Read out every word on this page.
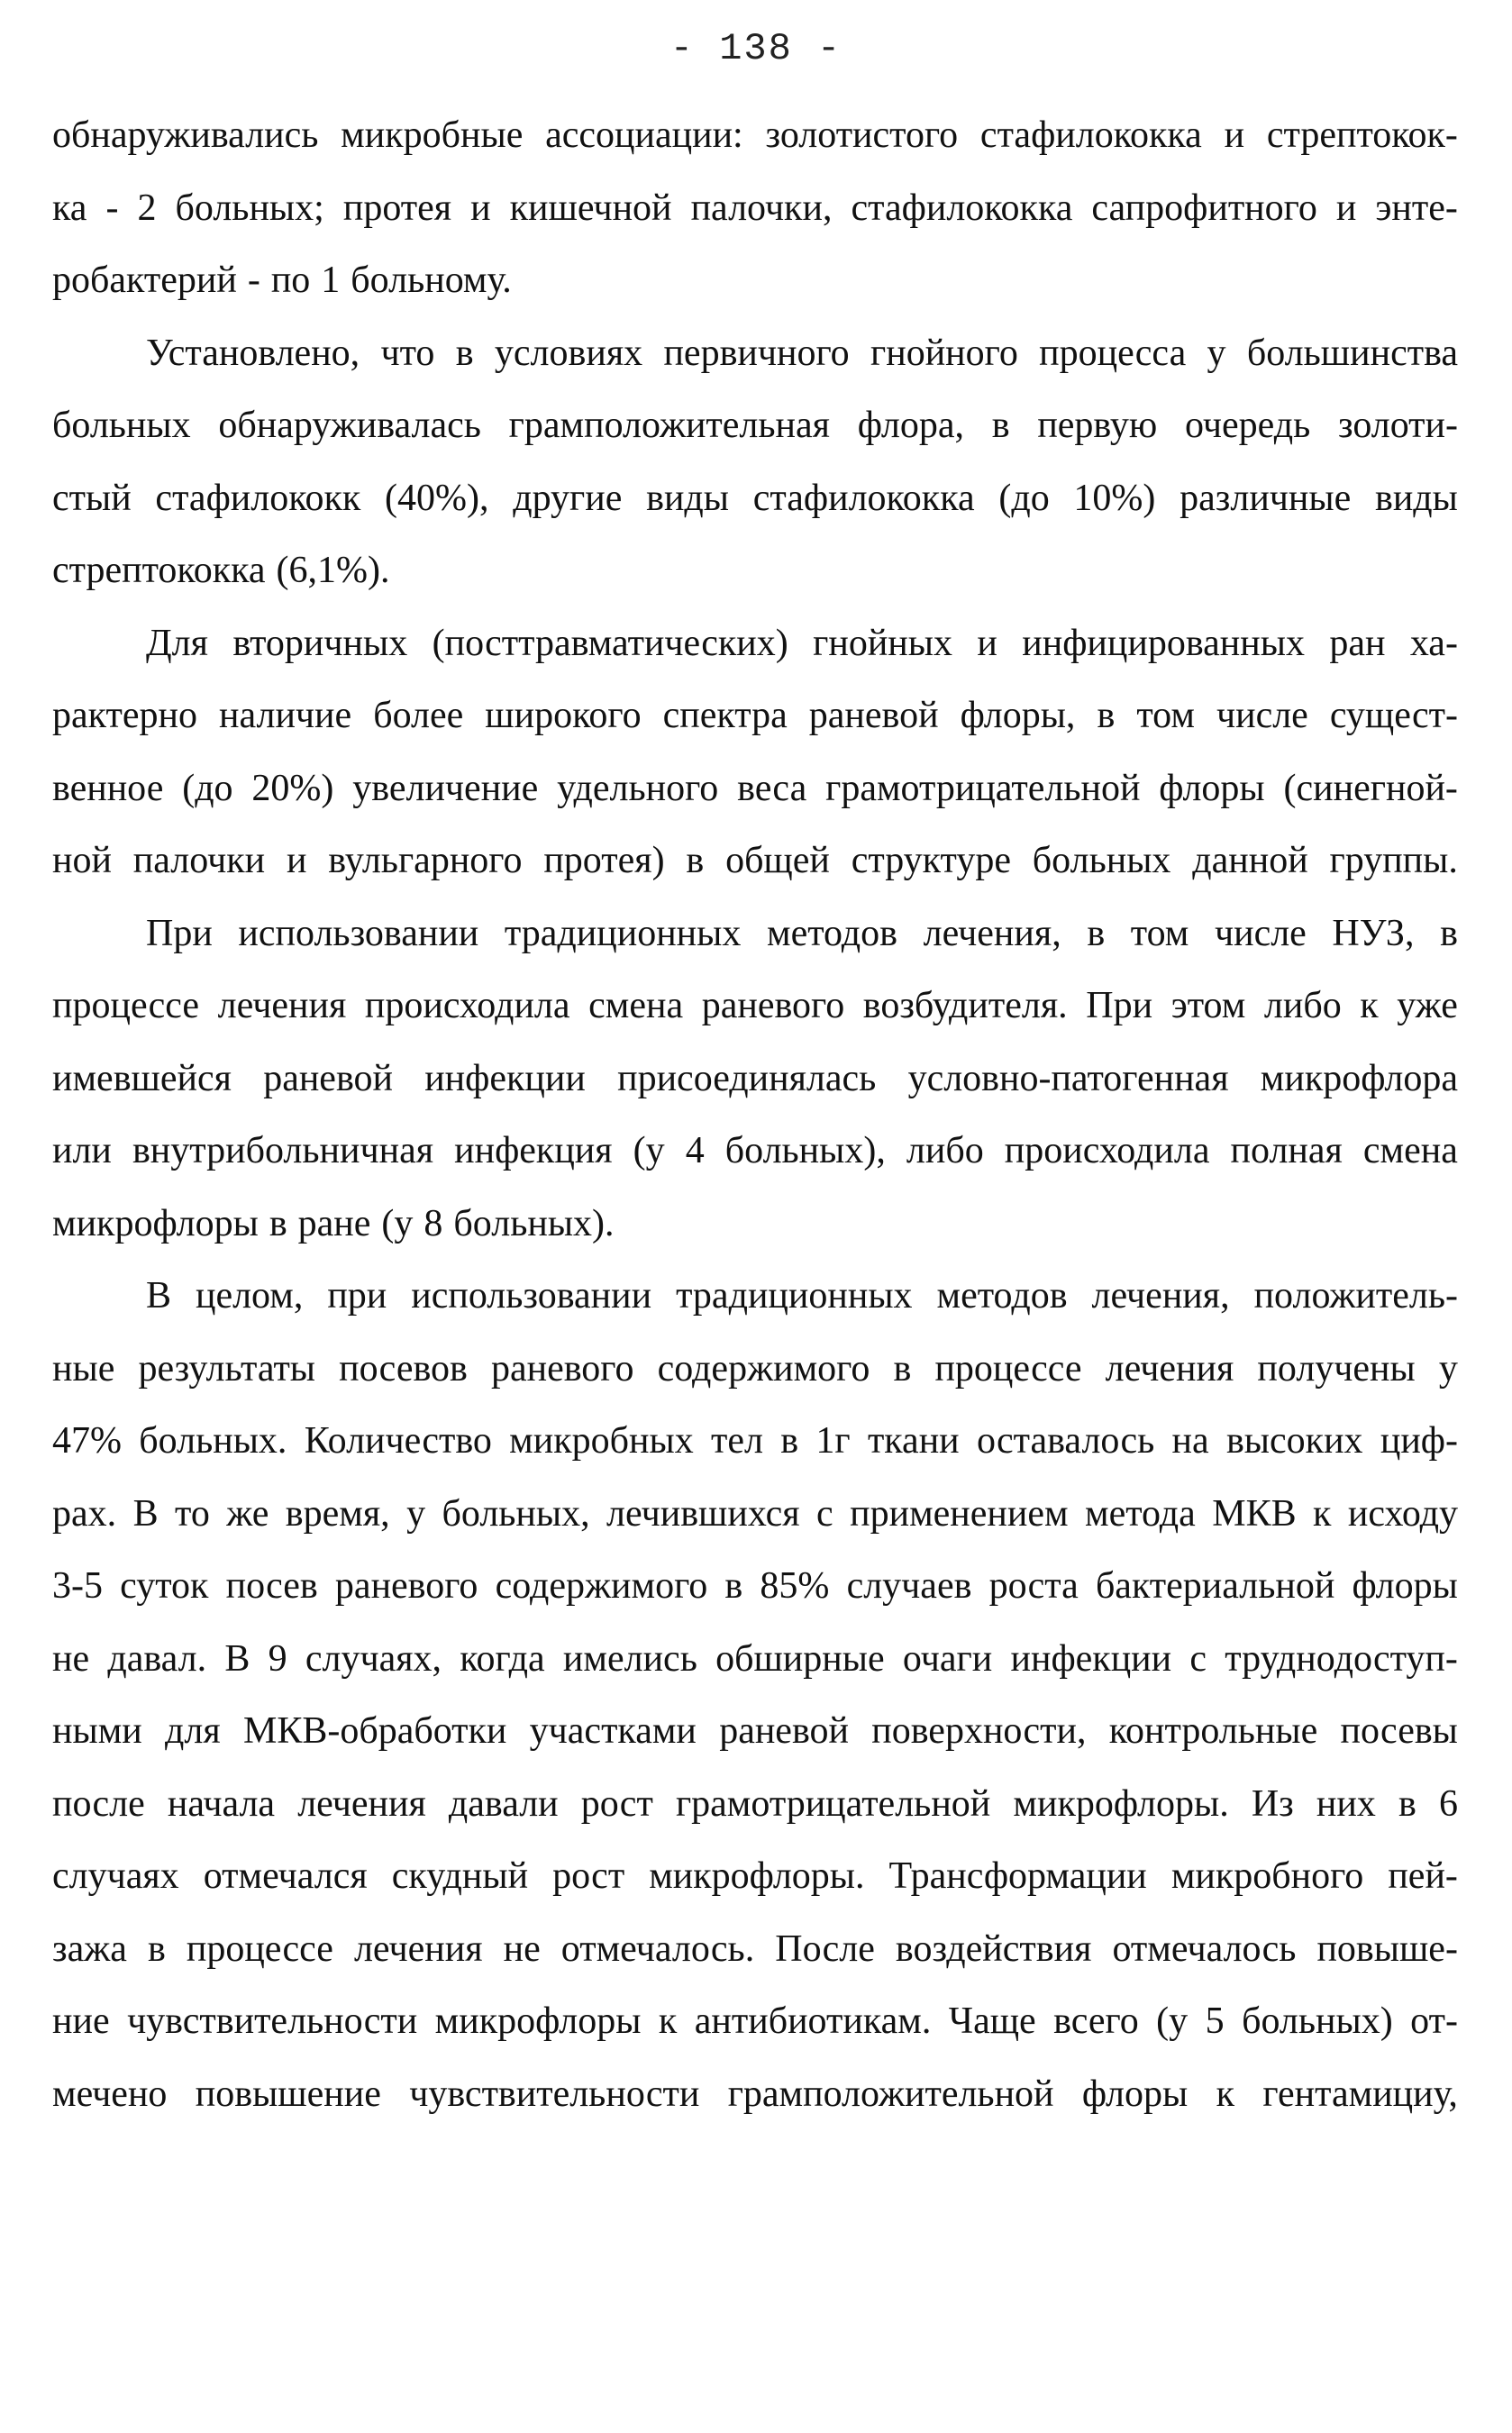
- 138 -
обнаруживались микробные ассоциации: золотистого стафилококка и стрептокок-
ка - 2 больных; протея и кишечной палочки, стафилококка сапрофитного и энте-
робактерий - по 1 больному.
Установлено, что в условиях первичного гнойного процесса у большинства
больных обнаруживалась грамположительная флора, в первую очередь золоти-
стый стафилококк (40%), другие виды стафилококка (до 10%) различные виды
стрептококка (6,1%).
Для вторичных (посттравматических) гнойных и инфицированных ран ха-
рактерно наличие более широкого спектра раневой флоры, в том числе сущест-
венное (до 20%) увеличение удельного веса грамотрицательной флоры (синегной-
ной палочки и вульгарного протея) в общей структуре больных данной группы.
При использовании традиционных методов лечения, в том числе НУЗ, в
процессе лечения происходила смена раневого возбудителя. При этом либо к уже
имевшейся раневой инфекции присоединялась условно-патогенная микрофлора
или внутрибольничная инфекция (у 4 больных), либо происходила полная смена
микрофлоры в ране (у 8 больных).
В целом, при использовании традиционных методов лечения, положитель-
ные результаты посевов раневого содержимого в процессе лечения получены у
47% больных. Количество микробных тел в 1г ткани оставалось на высоких циф-
рах. В то же время, у больных, лечившихся с применением метода МКВ к исходу
3-5 суток посев раневого содержимого в 85% случаев роста бактериальной флоры
не давал. В 9 случаях, когда имелись обширные очаги инфекции с труднодоступ-
ными для МКВ-обработки участками раневой поверхности, контрольные посевы
после начала лечения давали рост грамотрицательной микрофлоры. Из них в 6
случаях отмечался скудный рост микрофлоры. Трансформации микробного пей-
зажа в процессе лечения не отмечалось. После воздействия отмечалось повыше-
ние чувствительности микрофлоры к антибиотикам. Чаще всего (у 5 больных) от-
мечено повышение чувствительности грамположительной флоры к гентамициу,
